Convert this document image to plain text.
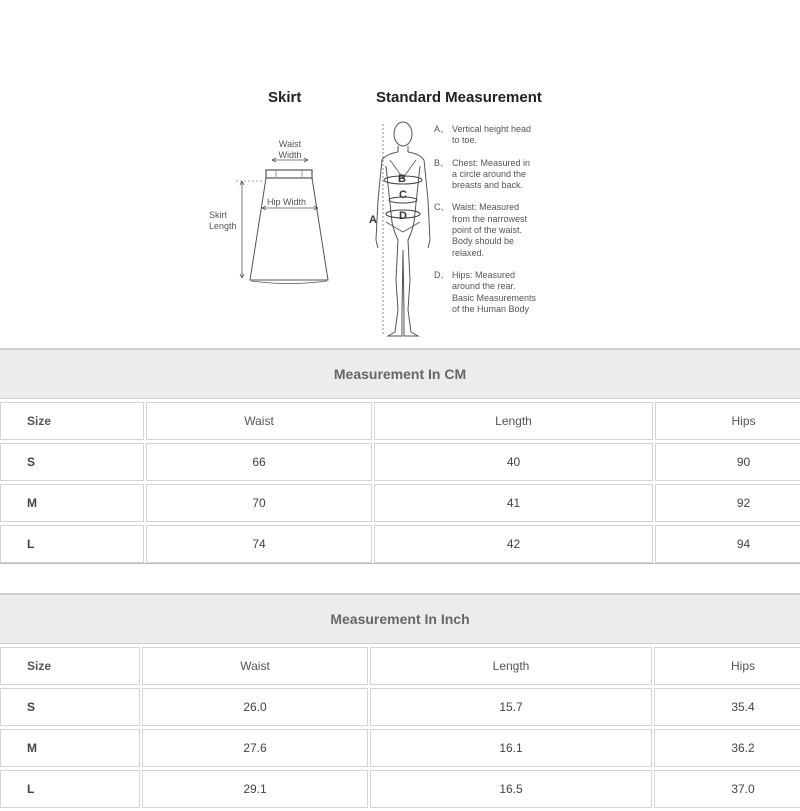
Skirt	Standard Measurement
Waist
Width
Hip Width
Skirt
Length	A
B
C
D
A、 Vertical height head
to toe.
B、 Chest: Measured in
a circle around the
breasts and back.
C、 Waist: Measured
from the narrowest
point of the waist.
Body should be
relaxed.
D、 Hips: Measured
around the rear.
Basic Measurements
of the Human Body
Measurement In CM
Size	Waist	Length	Hips
S	66	40	90
M	70	41	92
L	74	42	94
Measurement In Inch
Size	Waist	Length	Hips
S	26.0	15.7	35.4
M	27.6	16.1	36.2
L	29.1	16.5	37.0
